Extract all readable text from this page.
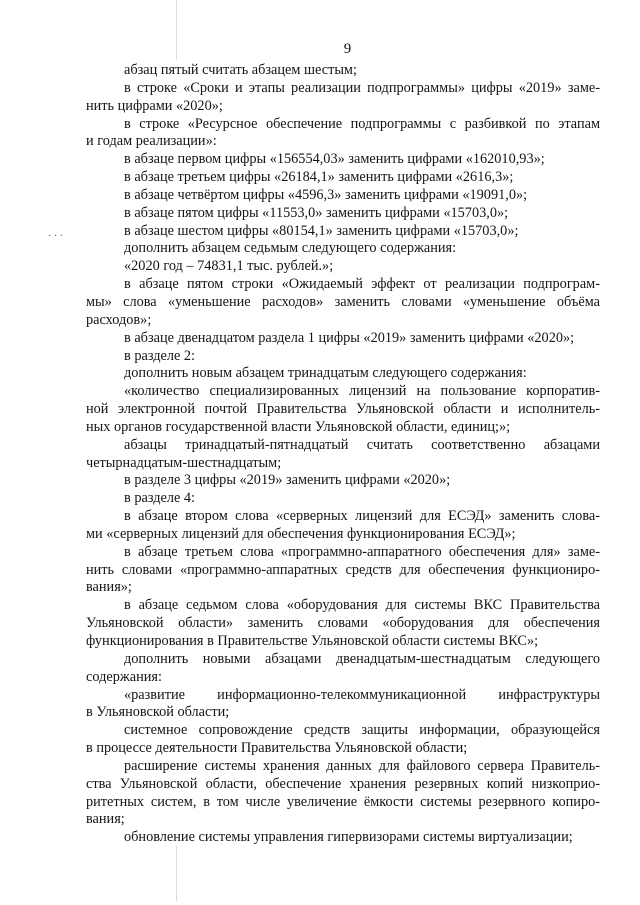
9
· · ·
абзац пятый считать абзацем шестым;
в строке «Сроки и этапы реализации подпрограммы» цифры «2019» заме-
нить цифрами «2020»;
в строке «Ресурсное обеспечение подпрограммы с разбивкой по этапам
и годам реализации»:
в абзаце первом цифры «156554,03» заменить цифрами «162010,93»;
в абзаце третьем цифры «26184,1» заменить цифрами «2616,3»;
в абзаце четвёртом цифры «4596,3» заменить цифрами «19091,0»;
в абзаце пятом цифры «11553,0» заменить цифрами «15703,0»;
в абзаце шестом цифры «80154,1» заменить цифрами «15703,0»;
дополнить абзацем седьмым следующего содержания:
«2020 год – 74831,1 тыс. рублей.»;
в абзаце пятом строки «Ожидаемый эффект от реализации подпрограм-
мы» слова «уменьшение расходов» заменить словами «уменьшение объёма
расходов»;
в абзаце двенадцатом раздела 1 цифры «2019» заменить цифрами «2020»;
в разделе 2:
дополнить новым абзацем тринадцатым следующего содержания:
«количество специализированных лицензий на пользование корпоратив-
ной электронной почтой Правительства Ульяновской области и исполнитель-
ных органов государственной власти Ульяновской области, единиц;»;
абзацы тринадцатый-пятнадцатый считать соответственно абзацами
четырнадцатым-шестнадцатым;
в разделе 3 цифры «2019» заменить цифрами «2020»;
в разделе 4:
в абзаце втором слова «серверных лицензий для ЕСЭД» заменить слова-
ми «серверных лицензий для обеспечения функционирования ЕСЭД»;
в абзаце третьем слова «программно-аппаратного обеспечения для» заме-
нить словами «программно-аппаратных средств для обеспечения функциониро-
вания»;
в абзаце седьмом слова «оборудования для системы ВКС Правительства
Ульяновской области» заменить словами «оборудования для обеспечения
функционирования в Правительстве Ульяновской области системы ВКС»;
дополнить новыми абзацами двенадцатым-шестнадцатым следующего
содержания:
«развитие информационно-телекоммуникационной инфраструктуры
в Ульяновской области;
системное сопровождение средств защиты информации, образующейся
в процессе деятельности Правительства Ульяновской области;
расширение системы хранения данных для файлового сервера Правитель-
ства Ульяновской области, обеспечение хранения резервных копий низкоприо-
ритетных систем, в том числе увеличение ёмкости системы резервного копиро-
вания;
обновление системы управления гипервизорами системы виртуализации;
